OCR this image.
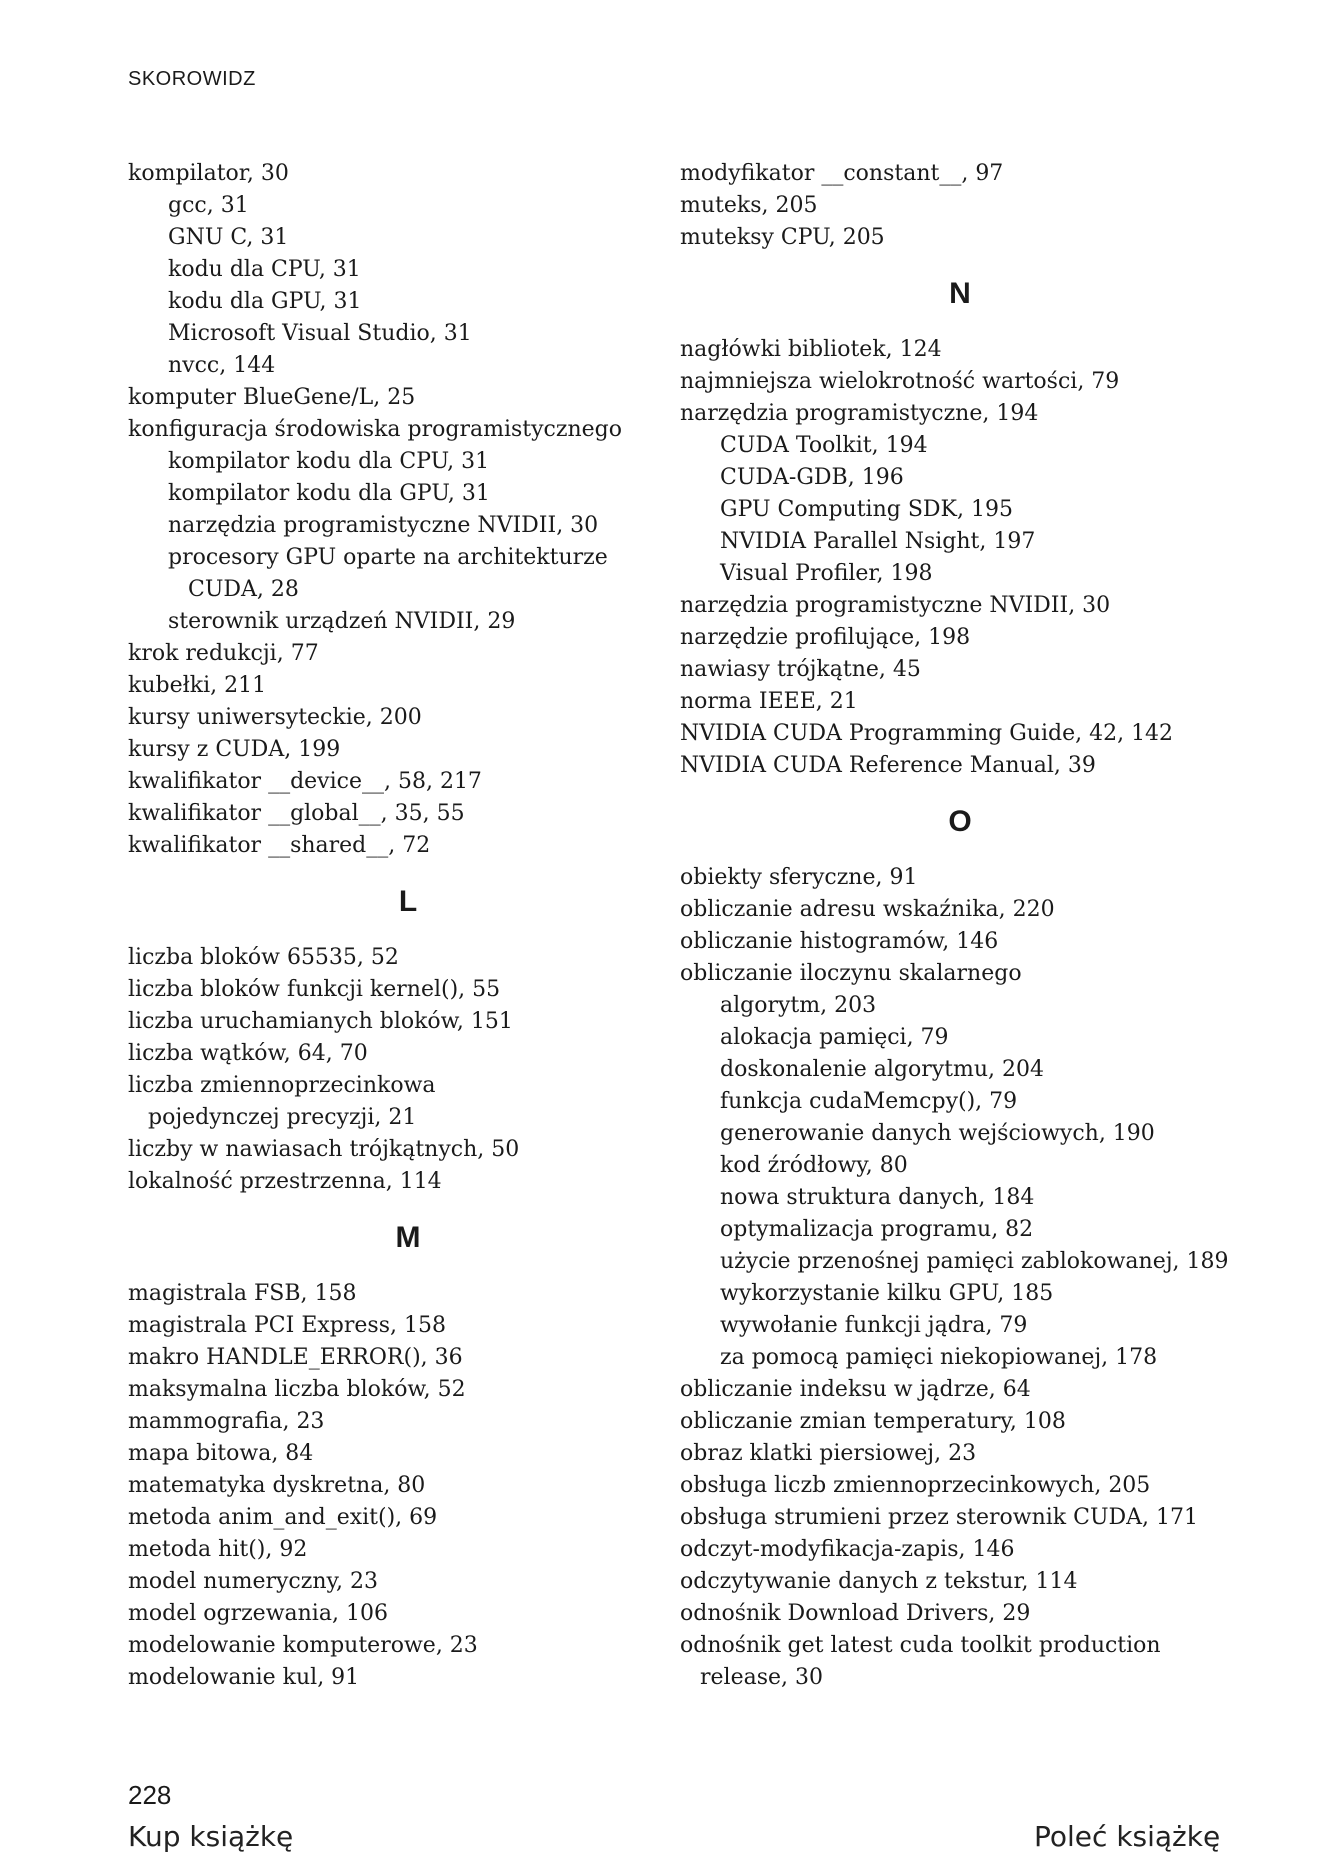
SKOROWIDZ
kompilator, 30
gcc, 31
GNU C, 31
kodu dla CPU, 31
kodu dla GPU, 31
Microsoft Visual Studio, 31
nvcc, 144
komputer BlueGene/L, 25
konfiguracja środowiska programistycznego
kompilator kodu dla CPU, 31
kompilator kodu dla GPU, 31
narzędzia programistyczne NVIDII, 30
procesory GPU oparte na architekturze
CUDA, 28
sterownik urządzeń NVIDII, 29
krok redukcji, 77
kubełki, 211
kursy uniwersyteckie, 200
kursy z CUDA, 199
kwalifikator __device__, 58, 217
kwalifikator __global__, 35, 55
kwalifikator __shared__, 72
L
liczba bloków 65535, 52
liczba bloków funkcji kernel(), 55
liczba uruchamianych bloków, 151
liczba wątków, 64, 70
liczba zmiennoprzecinkowa
pojedynczej precyzji, 21
liczby w nawiasach trójkątnych, 50
lokalność przestrzenna, 114
M
magistrala FSB, 158
magistrala PCI Express, 158
makro HANDLE_ERROR(), 36
maksymalna liczba bloków, 52
mammografia, 23
mapa bitowa, 84
matematyka dyskretna, 80
metoda anim_and_exit(), 69
metoda hit(), 92
model numeryczny, 23
model ogrzewania, 106
modelowanie komputerowe, 23
modelowanie kul, 91
modyfikator __constant__, 97
muteks, 205
muteksy CPU, 205
N
nagłówki bibliotek, 124
najmniejsza wielokrotność wartości, 79
narzędzia programistyczne, 194
CUDA Toolkit, 194
CUDA-GDB, 196
GPU Computing SDK, 195
NVIDIA Parallel Nsight, 197
Visual Profiler, 198
narzędzia programistyczne NVIDII, 30
narzędzie profilujące, 198
nawiasy trójkątne, 45
norma IEEE, 21
NVIDIA CUDA Programming Guide, 42, 142
NVIDIA CUDA Reference Manual, 39
O
obiekty sferyczne, 91
obliczanie adresu wskaźnika, 220
obliczanie histogramów, 146
obliczanie iloczynu skalarnego
algorytm, 203
alokacja pamięci, 79
doskonalenie algorytmu, 204
funkcja cudaMemcpy(), 79
generowanie danych wejściowych, 190
kod źródłowy, 80
nowa struktura danych, 184
optymalizacja programu, 82
użycie przenośnej pamięci zablokowanej, 189
wykorzystanie kilku GPU, 185
wywołanie funkcji jądra, 79
za pomocą pamięci niekopiowanej, 178
obliczanie indeksu w jądrze, 64
obliczanie zmian temperatury, 108
obraz klatki piersiowej, 23
obsługa liczb zmiennoprzecinkowych, 205
obsługa strumieni przez sterownik CUDA, 171
odczyt-modyfikacja-zapis, 146
odczytywanie danych z tekstur, 114
odnośnik Download Drivers, 29
odnośnik get latest cuda toolkit production
release, 30
228
Kup książkę	Poleć książkę
